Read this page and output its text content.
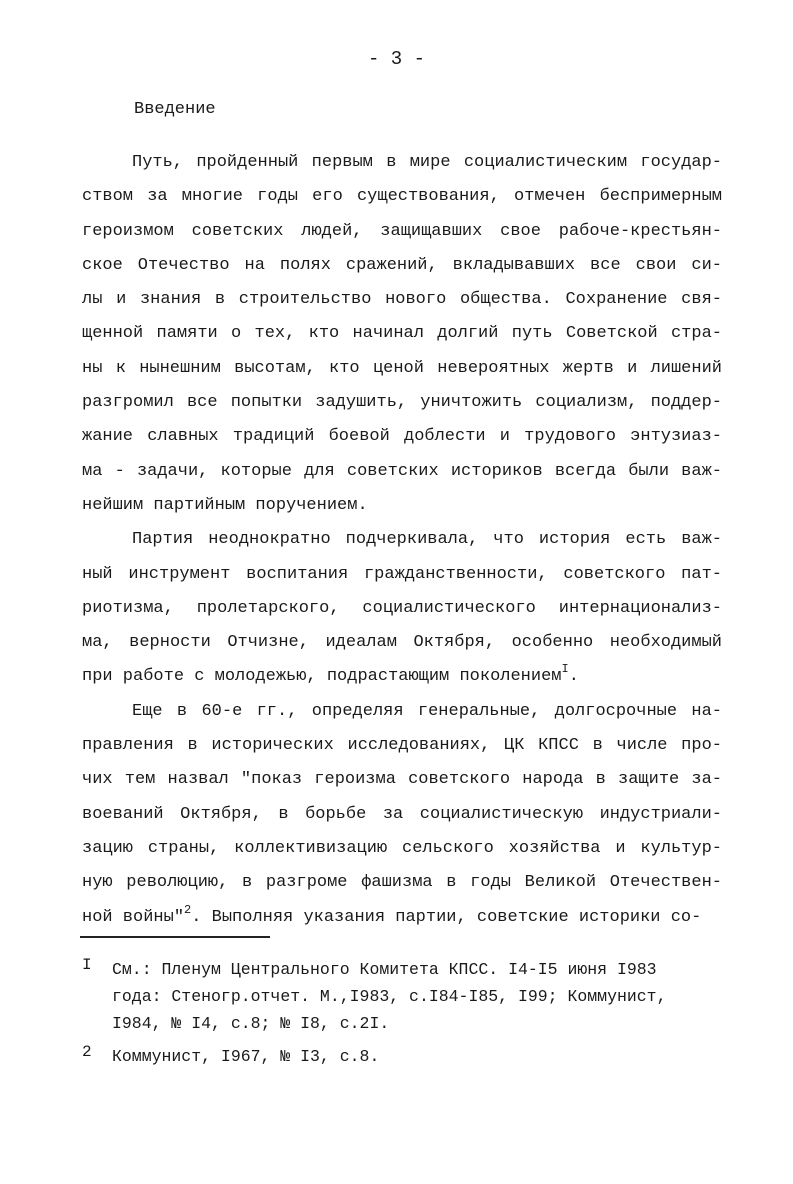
- 3 -
Введение
Путь, пройденный первым в мире социалистическим государ-
ством за многие годы его существования, отмечен беспримерным
героизмом советских людей, защищавших свое рабоче-крестьян-
ское Отечество на полях сражений, вкладывавших все свои си-
лы и знания в строительство нового общества. Сохранение свя-
щенной памяти о тех, кто начинал долгий путь Советской стра-
ны к нынешним высотам, кто ценой невероятных жертв и лишений
разгромил все попытки задушить, уничтожить социализм, поддер-
жание славных традиций боевой доблести и трудового энтузиаз-
ма - задачи, которые для советских историков всегда были важ-
нейшим партийным поручением.
Партия неоднократно подчеркивала, что история есть важ-
ный инструмент воспитания гражданственности, советского пат-
риотизма, пролетарского, социалистического интернационализ-
ма, верности Отчизне, идеалам Октября, особенно необходимый
при работе с молодежью, подрастающим поколением$^I$.
Еще в 60-е гг., определяя генеральные, долгосрочные на-
правления в исторических исследованиях, ЦК КПСС в числе про-
чих тем назвал "показ героизма советского народа в защите за-
воеваний Октября, в борьбе за социалистическую индустриали-
зацию страны, коллективизацию сельского хозяйства и культур-
ную революцию, в разгроме фашизма в годы Великой Отечествен-
ной войны"$^2$. Выполняя указания партии, советские историки со-
I См.: Пленум Центрального Комитета КПСС. I4-I5 июня I983
года: Стеногр.отчет. М.,I983, с.I84-I85, I99; Коммунист,
I984, № I4, с.8; № I8, с.2I.
2 Коммунист, I967, № I3, с.8.
